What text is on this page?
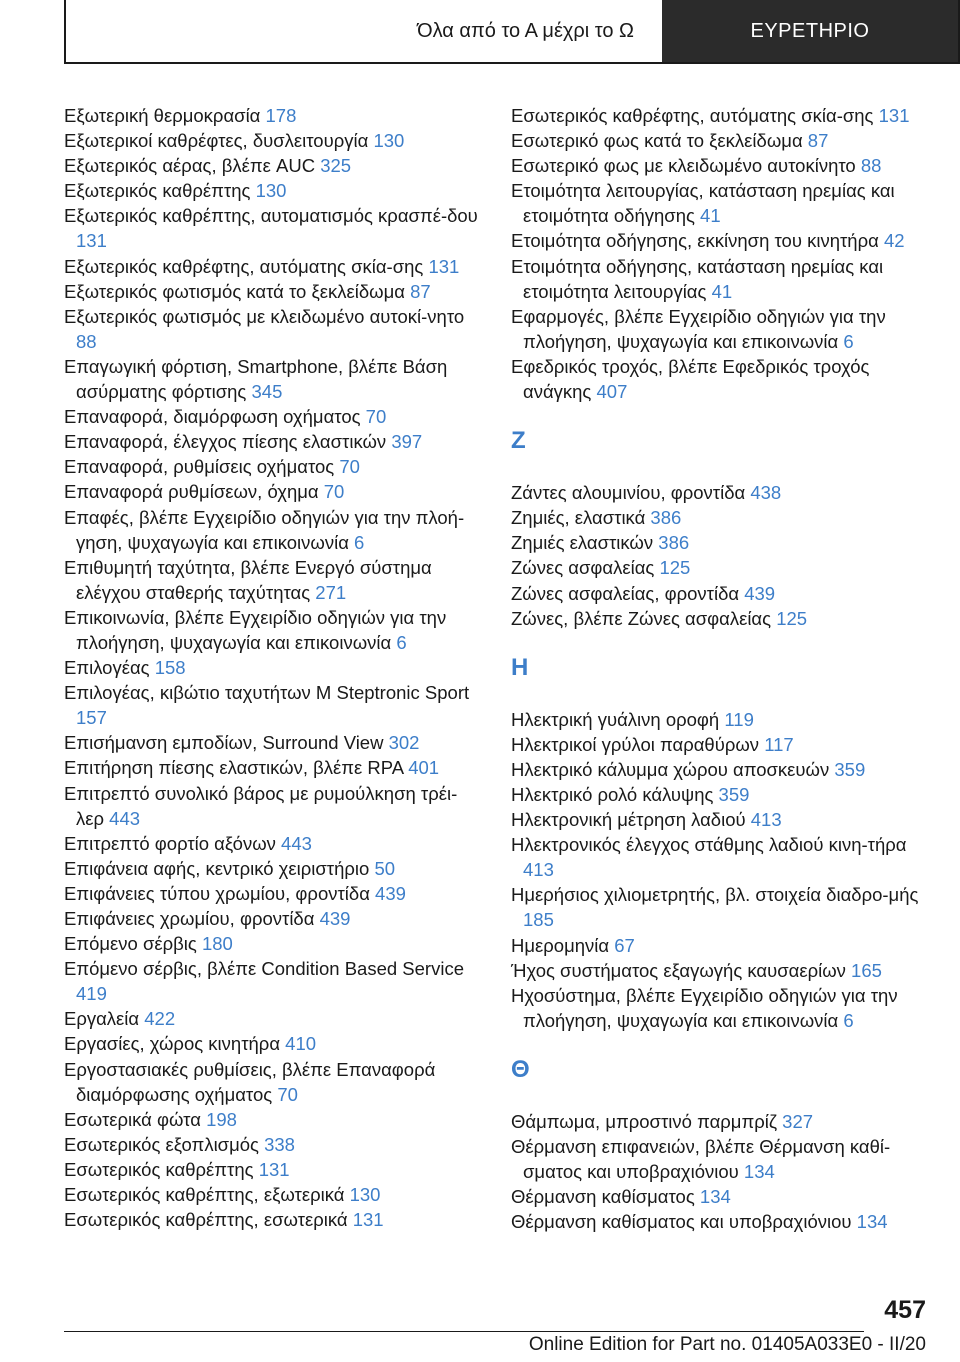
Όλα από το Α μέχρι το Ω	ΕΥΡΕΤΗΡΙΟ
Εξωτερική θερμοκρασία 178
Εξωτερικοί καθρέφτες, δυσλειτουργία 130
Εξωτερικός αέρας, βλέπε AUC 325
Εξωτερικός καθρέπτης 130
Εξωτερικός καθρέπτης, αυτοματισμός κρασπέ‐δου 131
Εξωτερικός καθρέφτης, αυτόματης σκία‐σης 131
Εξωτερικός φωτισμός κατά το ξεκλείδωμα 87
Εξωτερικός φωτισμός με κλειδωμένο αυτοκί‐νητο 88
Επαγωγική φόρτιση, Smartphone, βλέπε Βάση ασύρματης φόρτισης 345
Επαναφορά, διαμόρφωση οχήματος 70
Επαναφορά, έλεγχος πίεσης ελαστικών 397
Επαναφορά, ρυθμίσεις οχήματος 70
Επαναφορά ρυθμίσεων, όχημα 70
Επαφές, βλέπε Εγχειρίδιο οδηγιών για την πλοή‐γηση, ψυχαγωγία και επικοινωνία 6
Επιθυμητή ταχύτητα, βλέπε Ενεργό σύστημα ελέγχου σταθερής ταχύτητας 271
Επικοινωνία, βλέπε Εγχειρίδιο οδηγιών για την πλοήγηση, ψυχαγωγία και επικοινωνία 6
Επιλογέας 158
Επιλογέας, κιβώτιο ταχυτήτων M Steptronic Sport 157
Επισήμανση εμποδίων, Surround View 302
Επιτήρηση πίεσης ελαστικών, βλέπε RPA 401
Επιτρεπτό συνολικό βάρος με ρυμούλκηση τρέι‐λερ 443
Επιτρεπτό φορτίο αξόνων 443
Επιφάνεια αφής, κεντρικό χειριστήριο 50
Επιφάνειες τύπου χρωμίου, φροντίδα 439
Επιφάνειες χρωμίου, φροντίδα 439
Επόμενο σέρβις 180
Επόμενο σέρβις, βλέπε Condition Based Service 419
Εργαλεία 422
Εργασίες, χώρος κινητήρα 410
Εργοστασιακές ρυθμίσεις, βλέπε Επαναφορά διαμόρφωσης οχήματος 70
Εσωτερικά φώτα 198
Εσωτερικός εξοπλισμός 338
Εσωτερικός καθρέπτης 131
Εσωτερικός καθρέπτης, εξωτερικά 130
Εσωτερικός καθρέπτης, εσωτερικά 131
Εσωτερικός καθρέφτης, αυτόματης σκία‐σης 131
Εσωτερικό φως κατά το ξεκλείδωμα 87
Εσωτερικό φως με κλειδωμένο αυτοκίνητο 88
Ετοιμότητα λειτουργίας, κατάσταση ηρεμίας και ετοιμότητα οδήγησης 41
Ετοιμότητα οδήγησης, εκκίνηση του κινητήρα 42
Ετοιμότητα οδήγησης, κατάσταση ηρεμίας και ετοιμότητα λειτουργίας 41
Εφαρμογές, βλέπε Εγχειρίδιο οδηγιών για την πλοήγηση, ψυχαγωγία και επικοινωνία 6
Εφεδρικός τροχός, βλέπε Εφεδρικός τροχός ανάγκης 407
Ζ
Ζάντες αλουμινίου, φροντίδα 438
Ζημιές, ελαστικά 386
Ζημιές ελαστικών 386
Ζώνες ασφαλείας 125
Ζώνες ασφαλείας, φροντίδα 439
Ζώνες, βλέπε Ζώνες ασφαλείας 125
Η
Ηλεκτρική γυάλινη οροφή 119
Ηλεκτρικοί γρύλοι παραθύρων 117
Ηλεκτρικό κάλυμμα χώρου αποσκευών 359
Ηλεκτρικό ρολό κάλυψης 359
Ηλεκτρονική μέτρηση λαδιού 413
Ηλεκτρονικός έλεγχος στάθμης λαδιού κινη‐τήρα 413
Ημερήσιος χιλιομετρητής, βλ. στοιχεία διαδρο‐μής 185
Ημερομηνία 67
Ήχος συστήματος εξαγωγής καυσαερίων 165
Ηχοσύστημα, βλέπε Εγχειρίδιο οδηγιών για την πλοήγηση, ψυχαγωγία και επικοινωνία 6
Θ
Θάμπωμα, μπροστινό παρμπρίζ 327
Θέρμανση επιφανειών, βλέπε Θέρμανση καθί‐σματος και υποβραχιόνιου 134
Θέρμανση καθίσματος 134
Θέρμανση καθίσματος και υποβραχιόνιου 134
457
Online Edition for Part no. 01405A033E0 - II/20
